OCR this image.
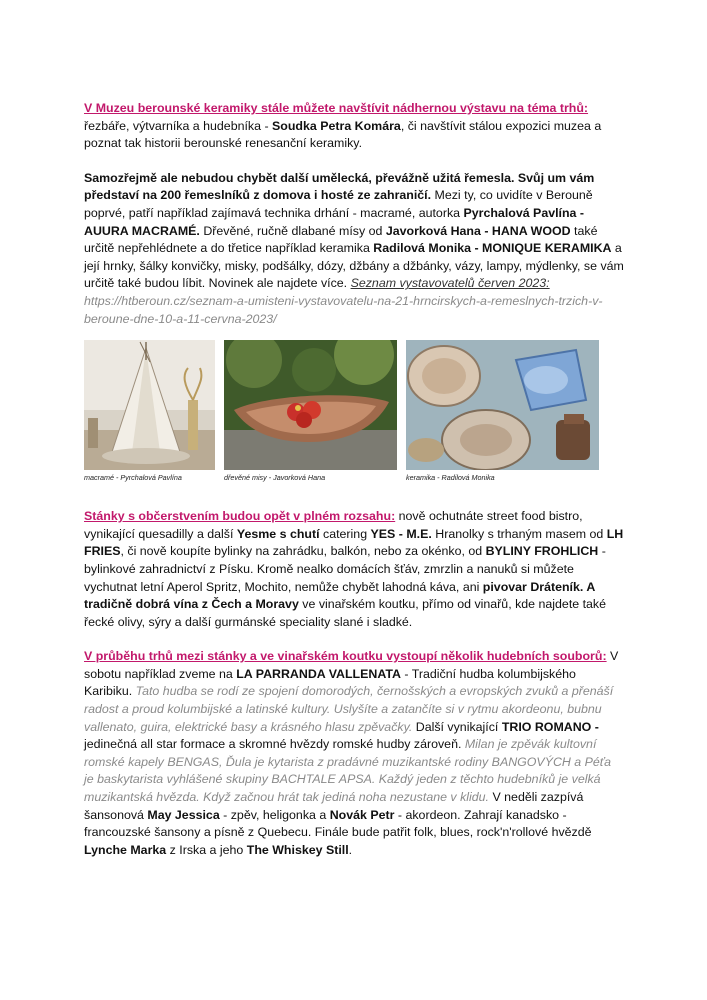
V Muzeu berounské keramiky stále můžete navštívit nádhernou výstavu na téma trhů: řezbáře, výtvarníka a hudebníka - Soudka Petra Komára, či navštívit stálou expozici muzea a poznat tak historii berounské renesanční keramiky.

Samozřejmě ale nebudou chybět další umělecká, převážně užitá řemesla. Svůj um vám představí na 200 řemeslníků z domova i hosté ze zahraničí. Mezi ty, co uvidíte v Berouně poprvé, patří například zajímavá technika drhání - macramé, autorka Pyrchalová Pavlína - AUURA MACRAMÉ. Dřevěné, ručně dlabané mísy od Javorková Hana - HANA WOOD také určitě nepřehlédnete a do třetice například keramika Radilová Monika - MONIQUE KERAMIKA a její hrnky, šálky konvičky, misky, podšálky, dózy, džbány a džbánky, vázy, lampy, mýdlenky, se vám určitě také budou líbit. Novinek ale najdete více. Seznam vystavovatelů červen 2023: https://htberoun.cz/seznam-a-umisteni-vystavovatelu-na-21-hrncirskych-a-remeslnych-trzich-v-beroune-dne-10-a-11-cervna-2023/

macramé - Pyrchalová Pavlína	dřevěné misy - Javorková Hana	keramika - Radilová Monika

Stánky s občerstvením budou opět v plném rozsahu: nově ochutnáte street food bistro, vynikající quesadilly a další Yesme s chutí catering YES - M.E. Hranolky s trhaným masem od LH FRIES, či nově koupíte bylinky na zahrádku, balkón, nebo za okénko, od BYLINY FROHLICH - bylinkové zahradnictví z Písku. Kromě nealko domácích šťáv, zmrzlin a nanuků si můžete vychutnat letní Aperol Spritz, Mochito, nemůže chybět lahodná káva, ani pivovar Dráteník. A tradičně dobrá vína z Čech a Moravy ve vinařském koutku, přímo od vinařů, kde najdete také řecké olivy, sýry a další gurmánské speciality slané i sladké.

V průběhu trhů mezi stánky a ve vinařském koutku vystoupí několik hudebních souborů: V sobotu například zveme na LA PARRANDA VALLENATA - Tradiční hudba kolumbijského Karibiku. Tato hudba se rodí ze spojení domorodých, černošských a evropských zvuků a přenáší radost a proud kolumbijské a latinské kultury. Uslyšíte a zatančíte si v rytmu akordeonu, bubnu vallenato, guira, elektrické basy a krásného hlasu zpěvačky. Další vynikající TRIO ROMANO - jedinečná all star formace a skromné hvězdy romské hudby zároveň. Milan je zpěvák kultovní romské kapely BENGAS, Ďula je kytarista z pradávné muzikantské rodiny BANGOVÝCH a Péťa je baskytarista vyhlášené skupiny BACHTALE APSA. Každý jeden z těchto hudebníků je velká muzikantská hvězda. Když začnou hrát tak jediná noha nezustane v klidu. V neděli zazpívá šansonová May Jessica - zpěv, heligonka a Novák Petr - akordeon. Zahrají kanadsko - francouzské šansony a písně z Quebecu. Finále bude patřit folk, blues, rock'n'rollové hvězdě Lynche Marka z Irska a jeho The Whiskey Still.
